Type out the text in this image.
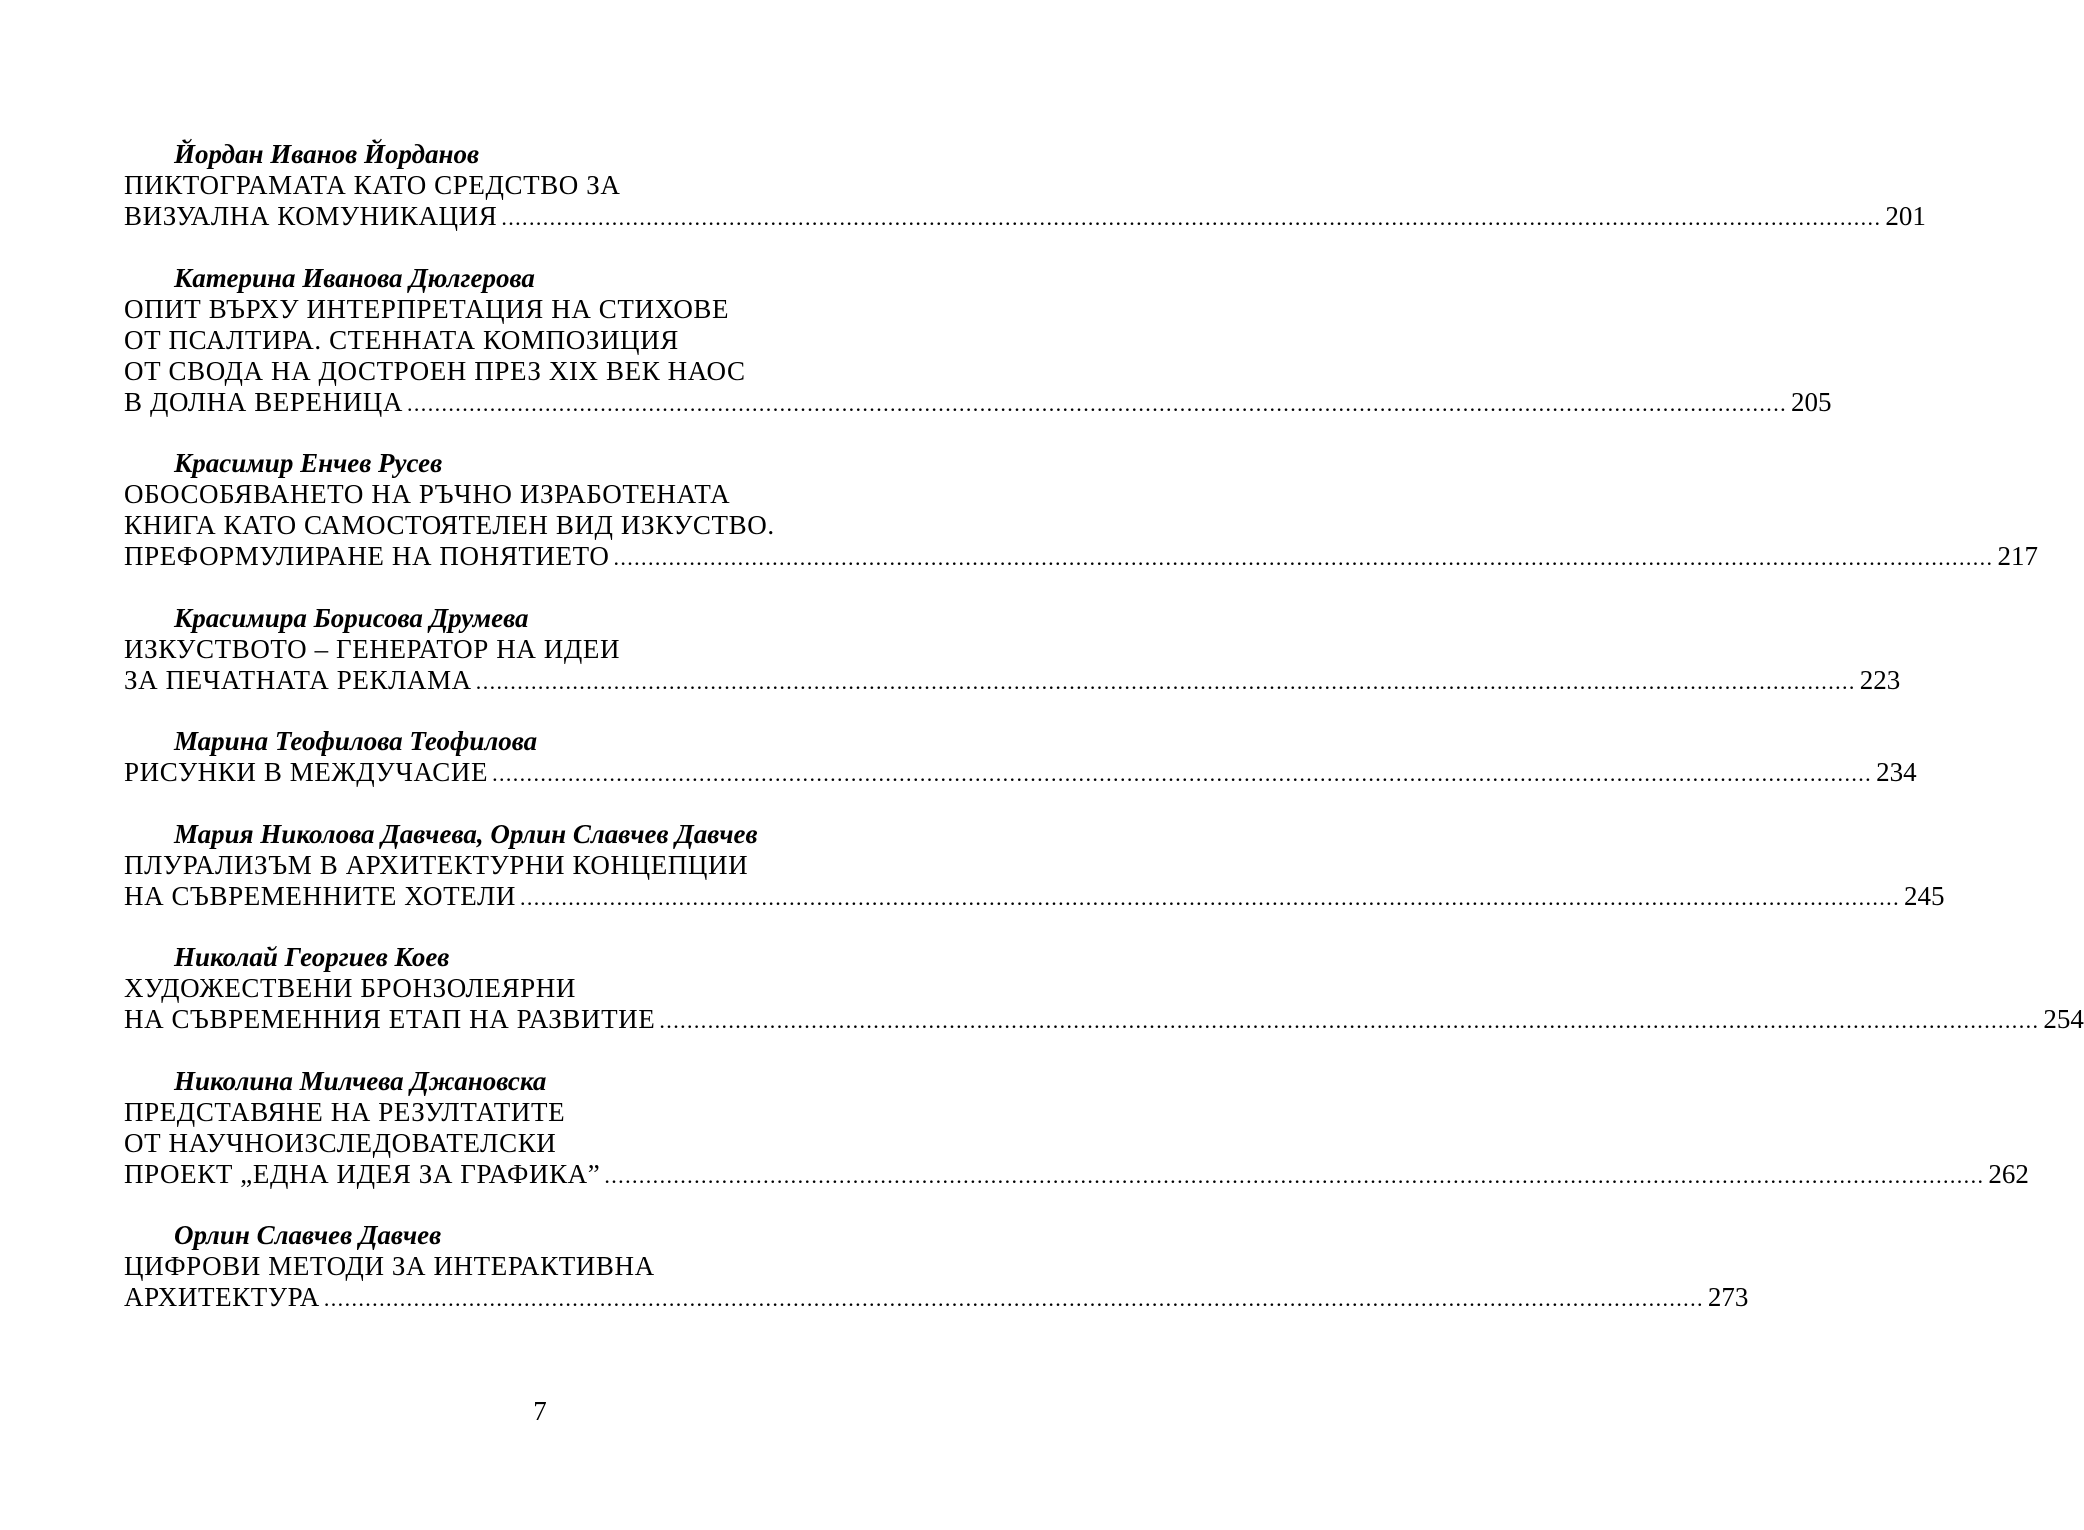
Йордан Иванов Йорданов
ПИКТОГРАМАТА КАТО СРЕДСТВО ЗА
ВИЗУАЛНА КОМУНИКАЦИЯ ........................................................................................................................................................................................................ 201
Катерина Иванова Дюлгерова
ОПИТ ВЪРХУ ИНТЕРПРЕТАЦИЯ НА СТИХОВЕ
ОТ ПСАЛТИРА. СТЕННАТА КОМПОЗИЦИЯ
ОТ СВОДА НА ДОСТРОЕН ПРЕЗ XIX ВЕК НАОС
В ДОЛНА ВЕРЕНИЦА ........................................................................................................................................................................................................ 205
Красимир Енчев Русев
ОБОСОБЯВАНЕТО НА РЪЧНО ИЗРАБОТЕНАТА
КНИГА КАТО САМОСТОЯТЕЛЕН ВИД ИЗКУСТВО.
ПРЕФОРМУЛИРАНЕ НА ПОНЯТИЕТО ........................................................................................................................................................................................................ 217
Красимира Борисова Друмева
ИЗКУСТВОТО – ГЕНЕРАТОР НА ИДЕИ
ЗА ПЕЧАТНАТА РЕКЛАМА ........................................................................................................................................................................................................ 223
Марина Теофилова Теофилова
РИСУНКИ В МЕЖДУЧАСИЕ ........................................................................................................................................................................................................ 234
Мария Николова Давчева, Орлин Славчев Давчев
ПЛУРАЛИЗЪМ В АРХИТЕКТУРНИ КОНЦЕПЦИИ
НА СЪВРЕМЕННИТЕ ХОТЕЛИ ........................................................................................................................................................................................................ 245
Николай Георгиев Коев
ХУДОЖЕСТВЕНИ БРОНЗОЛЕЯРНИ
НА СЪВРЕМЕННИЯ ЕТАП НА РАЗВИТИЕ ........................................................................................................................................................................................................ 254
Николина Милчева Джановска
ПРЕДСТАВЯНЕ НА РЕЗУЛТАТИТЕ
ОТ НАУЧНОИЗСЛЕДОВАТЕЛСКИ
ПРОЕКТ „ЕДНА ИДЕЯ ЗА ГРАФИКА” ........................................................................................................................................................................................................ 262
Орлин Славчев Давчев
ЦИФРОВИ МЕТОДИ ЗА ИНТЕРАКТИВНА
АРХИТЕКТУРА ........................................................................................................................................................................................................ 273
7
